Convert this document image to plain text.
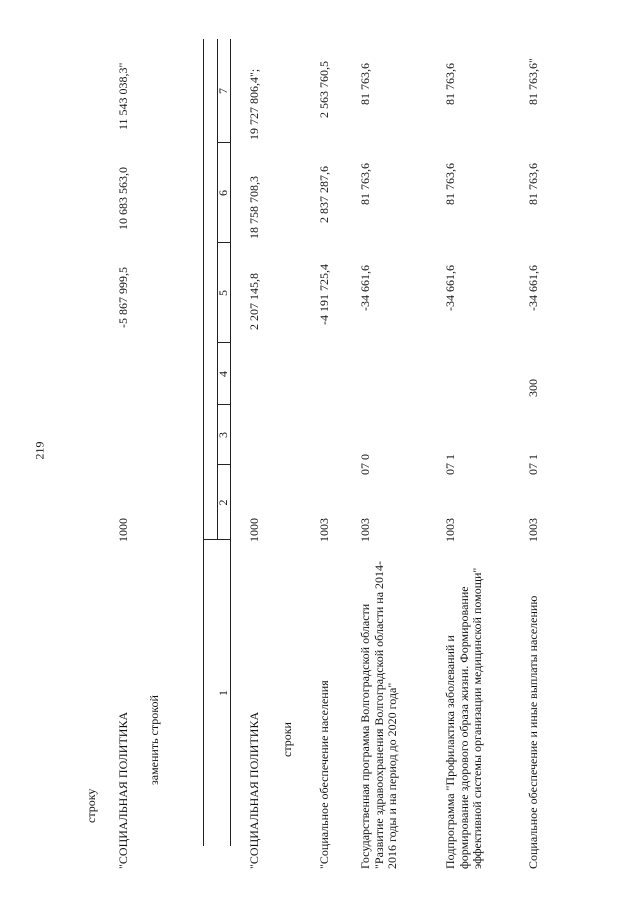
219
строку "СОЦИАЛЬНАЯ ПОЛИТИКА
1000
-5 867 999,5
10 683 563,0
11 543 038,3"
заменить строкой
1
2
3
4
5
6
7
"СОЦИАЛЬНАЯ ПОЛИТИКА
1000
2 207 145,8
18 758 708,3
19 727 806,4";
строки "Социальное обеспечение населения
1003
-4 191 725,4
2 837 287,6
2 563 760,5
Государственная программа Волгоградской области "Развитие здравоохранения Волгоградской области на 2014-2016 годы и на период до 2020 года"
1003
07 0
-34 661,6
81 763,6
81 763,6
Подпрограмма "Профилактика заболеваний и формирование здорового образа жизни. Формирование эффективной системы организации медицинской помощи"
1003
07 1
-34 661,6
81 763,6
81 763,6
Социальное обеспечение и иные выплаты населению
1003
07 1
300
-34 661,6
81 763,6
81 763,6"
